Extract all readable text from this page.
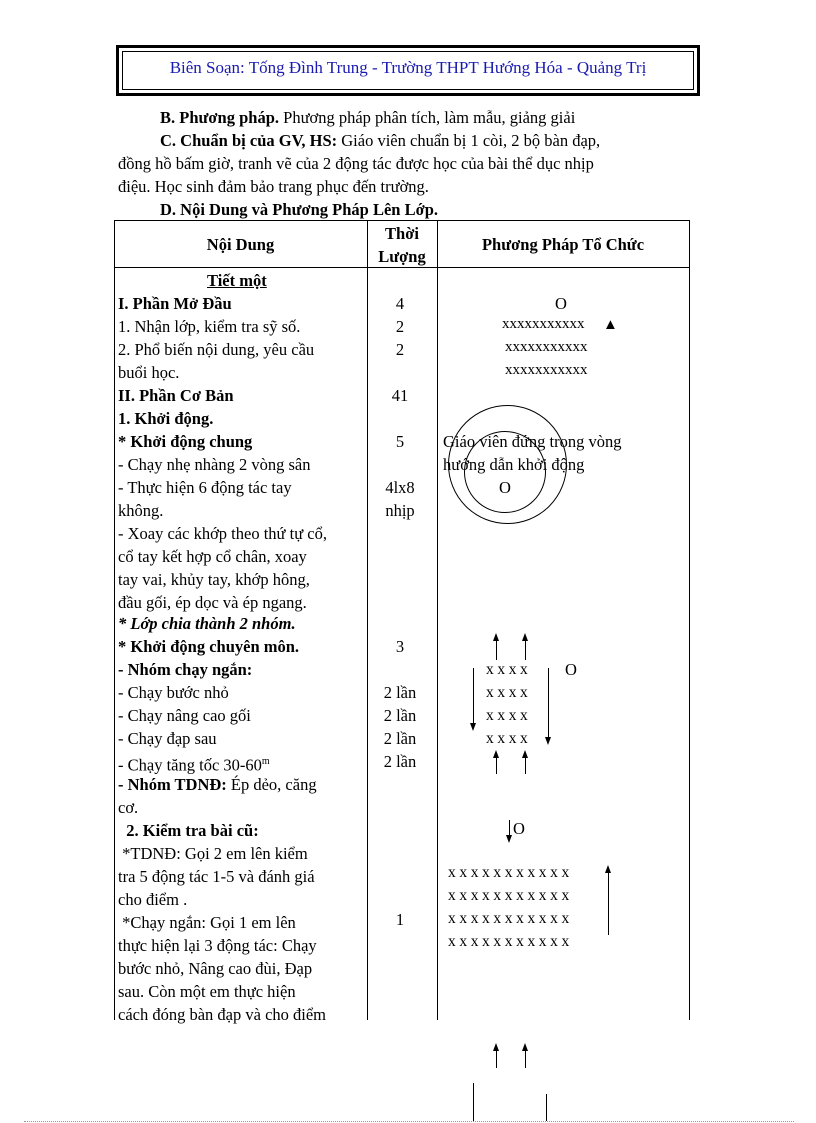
Biên Soạn: Tống Đình Trung - Trường THPT Hướng Hóa - Quảng Trị
B. Phương pháp. Phương pháp phân tích, làm mẫu, giảng giải
C. Chuẩn bị của GV, HS: Giáo viên chuẩn bị 1 còi, 2 bộ bàn đạp,
đồng hồ bấm giờ, tranh vẽ của 2 động tác được học của bài thể dục nhịp
điệu. Học sinh đảm bảo trang phục đến trường.
D. Nội Dung và Phương Pháp Lên Lớp.
Nội Dung
Thời
Lượng
Phương Pháp Tổ Chức
Tiết một
I. Phần Mở Đầu
1. Nhận lớp, kiểm tra sỹ số.
2. Phổ biến nội dung, yêu cầu
buổi học.
II. Phần Cơ Bản
1. Khởi động.
* Khởi động chung
- Chạy nhẹ nhàng 2 vòng sân
- Thực hiện 6 động tác tay
không.
- Xoay các khớp theo thứ tự cổ,
cổ tay kết hợp cổ chân, xoay
tay vai, khủy tay, khớp hông,
đầu gối, ép dọc và ép ngang.
* Lớp chia thành 2 nhóm.
* Khởi động chuyên môn.
- Nhóm chạy ngắn:
- Chạy bước nhỏ
- Chạy nâng cao gối
- Chạy đạp sau
- Chạy tăng tốc 30-60$^m$
- Nhóm TDNĐ: Ép dẻo, căng
cơ.
2. Kiểm tra bài cũ:
*TDNĐ: Gọi 2 em lên kiểm
tra 5 động tác 1-5 và đánh giá
cho điểm .
*Chạy ngắn: Gọi 1 em lên
thực hiện lại 3 động tác: Chạy
bước nhỏ, Nâng cao đùi, Đạp
sau. Còn một em thực hiện
cách đóng bàn đạp và cho điểm
4
2
2
41
5
4lx8
nhịp
3
2 lần
2 lần
2 lần
2 lần
1
O
xxxxxxxxxxx ▲
xxxxxxxxxxx
xxxxxxxxxxx
Giáo viên đứng trong vòng
hướng dẫn khởi động
O
xxxx
xxxx
xxxx
xxxx
O
O
xxxxxxxxxxx
xxxxxxxxxxx
xxxxxxxxxxx
xxxxxxxxxxx
